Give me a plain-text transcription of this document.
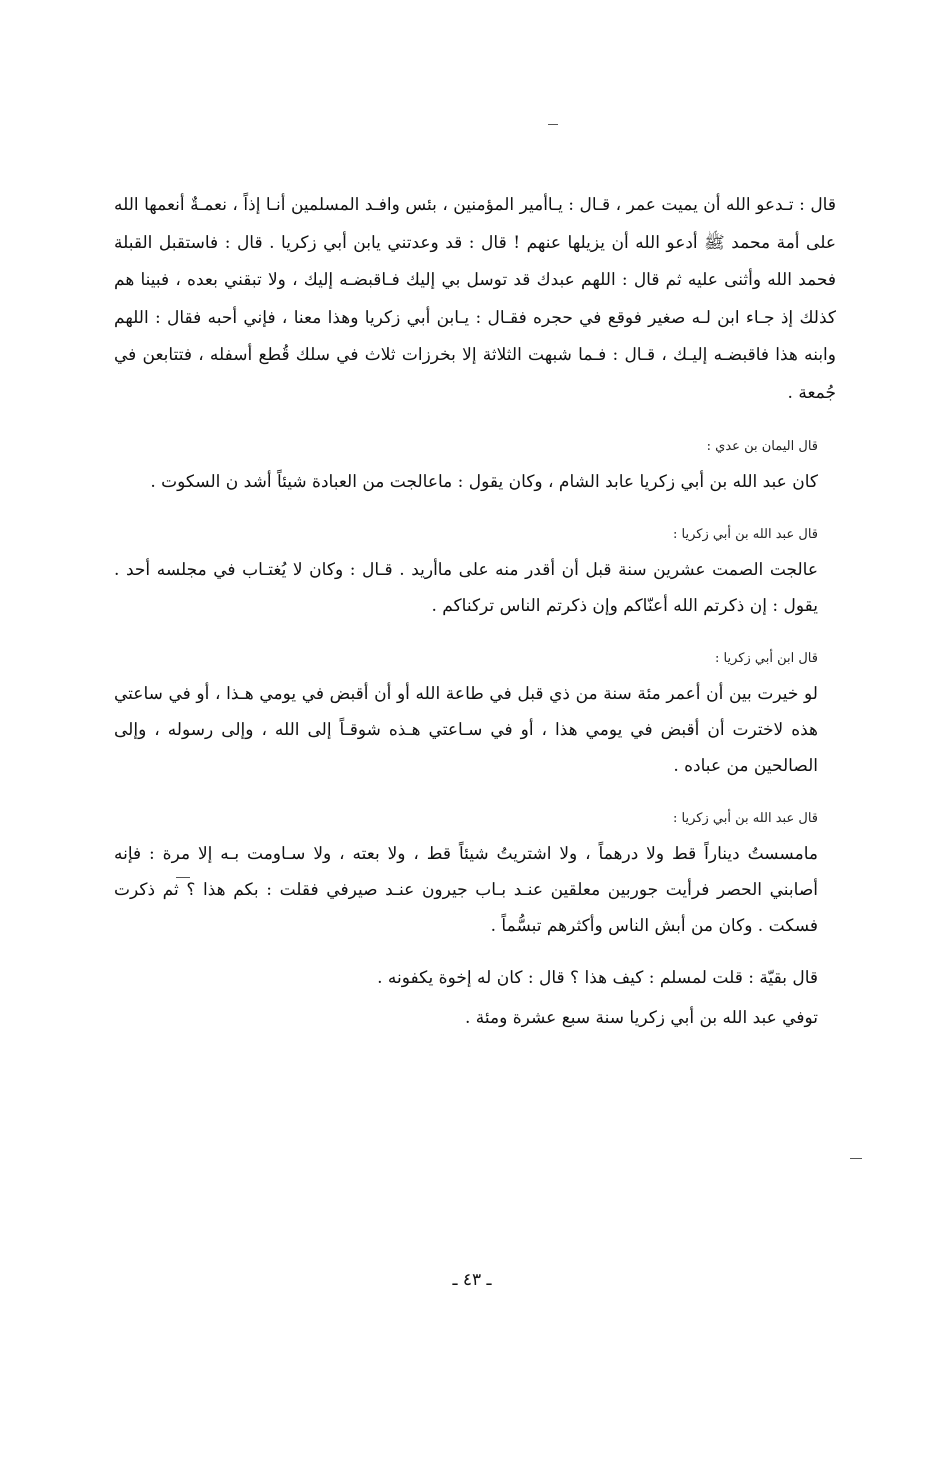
قال : تـدعو الله أن يميت عمر ، قـال : يـاأمير المؤمنين ، بئس وافـد المسلمين أنـا إذاً ، نعمـةٌ أنعمها الله على أمة محمد ﷺ أدعو الله أن يزيلها عنهم ! قال : قد وعدتني يابن أبي زكريا . قال : فاستقبل القبلة فحمد الله وأثنى عليه ثم قال : اللهم عبدك قد توسل بي إليك فـاقبضـه إليك ، ولا تبقني بعده ، فبينا هم كذلك إذ جـاء ابن لـه صغير فوقع في حجره فقـال : يـابن أبي زكريا وهذا معنا ، فإني أحبه فقال : اللهم وابنه هذا فاقبضـه إليـك ، قـال : فـما شبهت الثلاثة إلا بخرزات ثلاث في سلك قُطع أسفله ، فتتابعن في جُمعة .

قال اليمان بن عدي :

كان عبد الله بن أبي زكريا عابد الشام ، وكان يقول : ماعالجت من العبادة شيئاً أشد ن السكوت .

قال عبد الله بن أبي زكريا :

عالجت الصمت عشرين سنة قبل أن أقدر منه على ماأريد . قـال : وكان لا يُغتـاب في مجلسه أحد . يقول : إن ذكرتم الله أعنّاكم وإن ذكرتم الناس تركناكم .

قال ابن أبي زكريا :

لو خيرت بين أن أعمر مئة سنة من ذي قبل في طاعة الله أو أن أقبض في يومي هـذا ، أو في ساعتي هذه لاخترت أن أقبض في يومي هذا ، أو في سـاعتي هـذه شوقـاً إلى الله ، وإلى رسوله ، وإلى الصالحين من عباده .

قال عبد الله بن أبي زكريا :

مامسستُ ديناراً قط ولا درهماً ، ولا اشتريتُ شيئاً قط ، ولا بعته ، ولا سـاومت بـه إلا مرة : فإنه أصابني الحصر فرأيت جوربين معلقين عنـد بـاب جيرون عنـد صيرفي فقلت : بكم هذا ؟ ثم ذكرت فسكت . وكان من أبش الناس وأكثرهم تبسُّماً .

قال بقيّة : قلت لمسلم : كيف هذا ؟ قال : كان له إخوة يكفونه .

توفي عبد الله بن أبي زكريا سنة سبع عشرة ومئة .

ـ ٤٣ ـ
